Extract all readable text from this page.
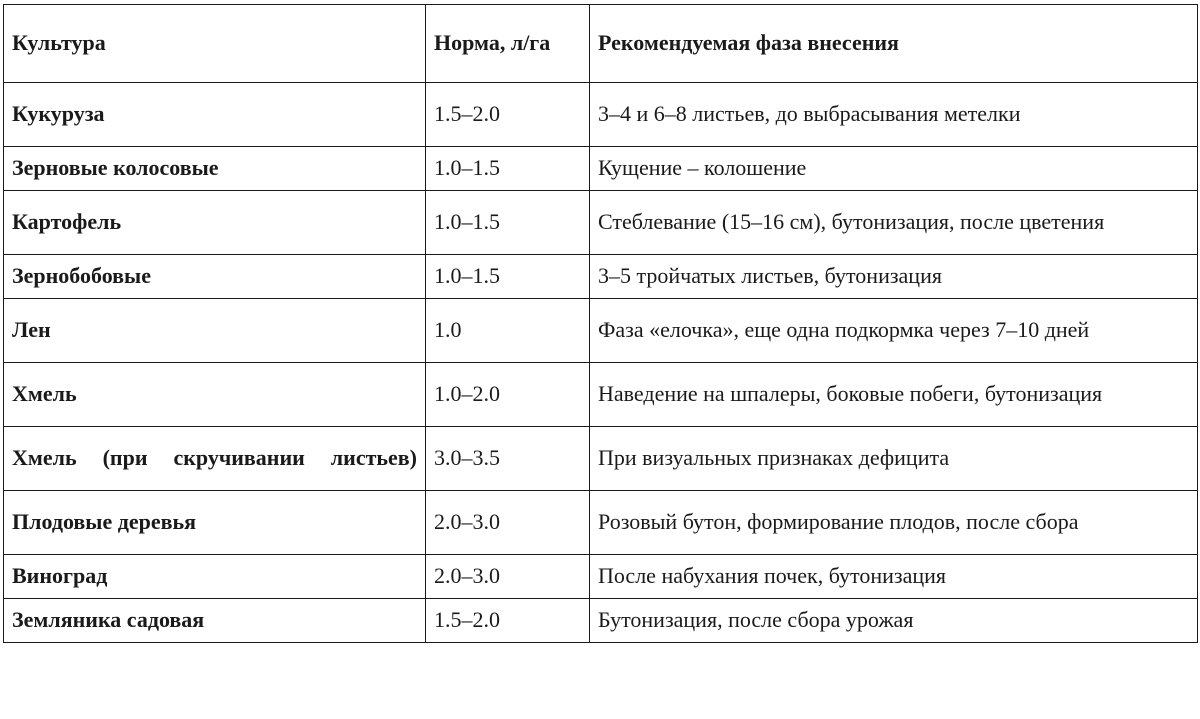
Культура	Норма, л/га	Рекомендуемая фаза внесения
Кукуруза	1.5–2.0	3–4 и 6–8 листьев, до выбрасывания метелки
Зерновые колосовые	1.0–1.5	Кущение – колошение
Картофель	1.0–1.5	Стеблевание (15–16 см), бутонизация, после цветения
Зернобобовые	1.0–1.5	3–5 тройчатых листьев, бутонизация
Лен	1.0	Фаза «елочка», еще одна подкормка через 7–10 дней
Хмель	1.0–2.0	Наведение на шпалеры, боковые побеги, бутонизация
Хмель (при скручивании листьев)	3.0–3.5	При визуальных признаках дефицита
Плодовые деревья	2.0–3.0	Розовый бутон, формирование плодов, после сбора
Виноград	2.0–3.0	После набухания почек, бутонизация
Земляника садовая	1.5–2.0	Бутонизация, после сбора урожая
